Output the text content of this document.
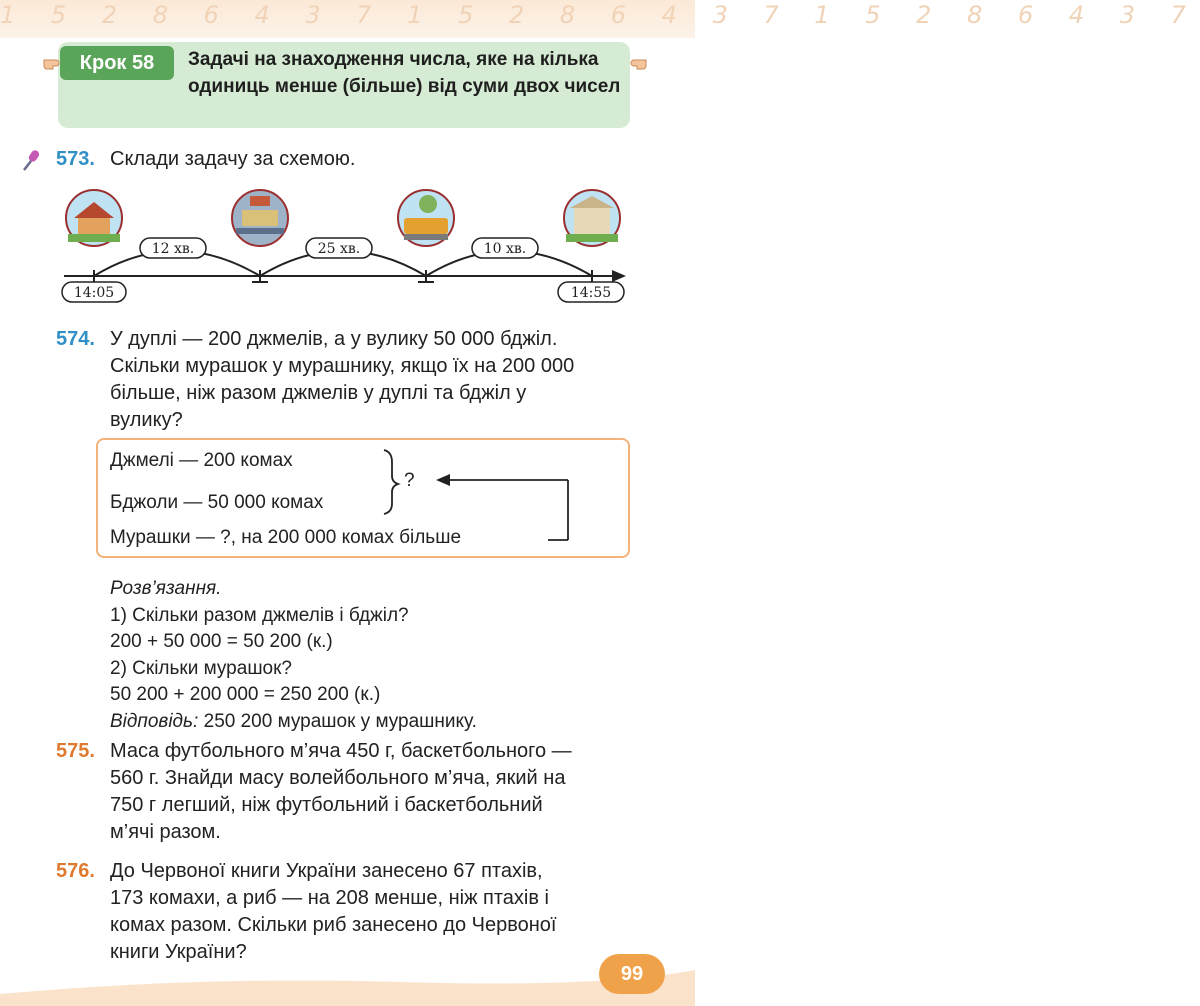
1 5 2 8 6 4 3 7 1 5 2 8 6 4 3 7 1 5 2 8 6 4 3 7
Крок 58	Задачі на знаходження числа, яке на кілька одиниць менше (більше) від суми двох чисел
573. Склади задачу за схемою.
12 хв.	25 хв.	10 хв.
14:05	14:55
574. У дуплі — 200 джмелів, а у вулику 50 000 бджіл.
Скільки мурашок у мурашнику, якщо їх на 200 000
більше, ніж разом джмелів у дуплі та бджіл у
вулику?
Джмелі — 200 комах
Бджоли — 50 000 комах
Мурашки — ?, на 200 000 комах більше
?
Розв’язання.
1) Скільки разом джмелів і бджіл?
200 + 50 000 = 50 200 (к.)
2) Скільки мурашок?
50 200 + 200 000 = 250 200 (к.)
Відповідь: 250 200 мурашок у мурашнику.
575. Маса футбольного м’яча 450 г, баскетбольного —
560 г. Знайди масу волейбольного м’яча, який на
750 г легший, ніж футбольний і баскетбольний
м’ячі разом.
576. До Червоної книги України занесено 67 птахів,
173 комахи, а риб — на 208 менше, ніж птахів і
комах разом. Скільки риб занесено до Червоної
книги України?
99
